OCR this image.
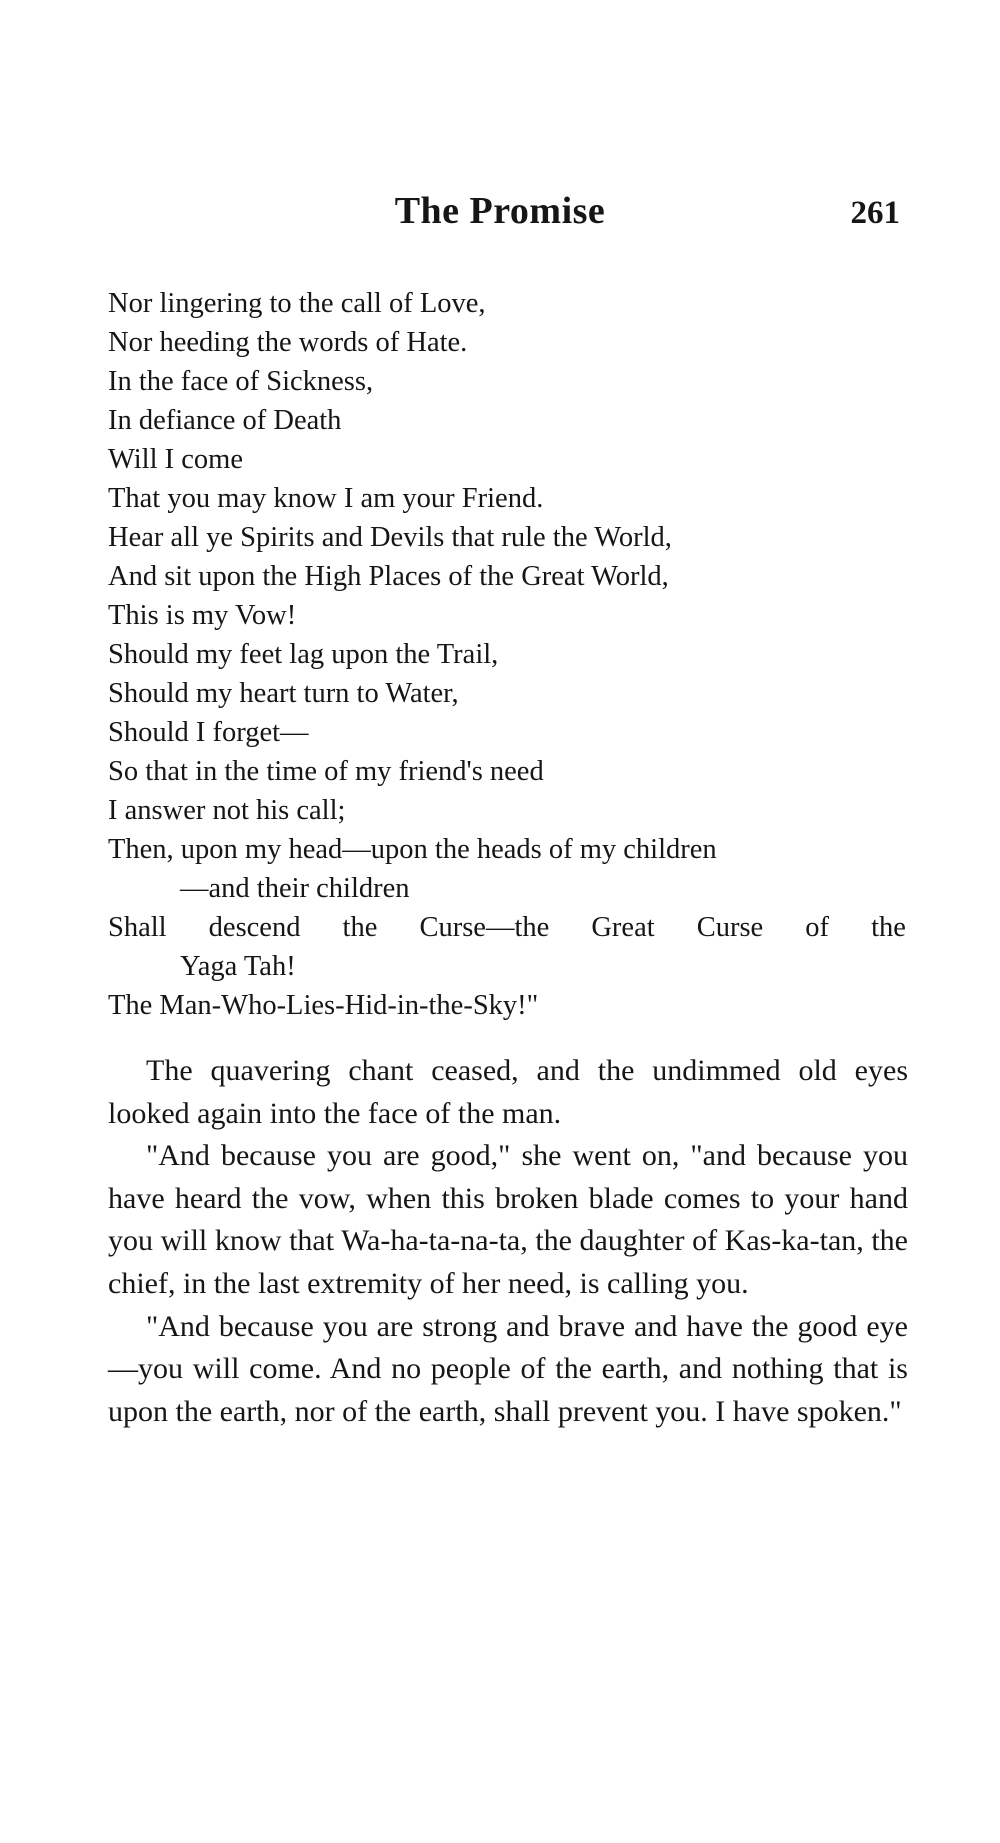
The Promise	261
Nor lingering to the call of Love,
Nor heeding the words of Hate.
In the face of Sickness,
In defiance of Death
Will I come
That you may know I am your Friend.
Hear all ye Spirits and Devils that rule the World,
And sit upon the High Places of the Great World,
This is my Vow!
Should my feet lag upon the Trail,
Should my heart turn to Water,
Should I forget—
So that in the time of my friend's need
I answer not his call;
Then, upon my head—upon the heads of my children
—and their children
Shall descend the Curse—the Great Curse of the
Yaga Tah!
The Man-Who-Lies-Hid-in-the-Sky!"

The quavering chant ceased, and the undimmed old eyes looked again into the face of the man.

"And because you are good," she went on, "and because you have heard the vow, when this broken blade comes to your hand you will know that Wa-ha-ta-na-ta, the daughter of Kas-ka-tan, the chief, in the last extremity of her need, is calling you.

"And because you are strong and brave and have the good eye—you will come. And no people of the earth, and nothing that is upon the earth, nor of the earth, shall prevent you. I have spoken."
